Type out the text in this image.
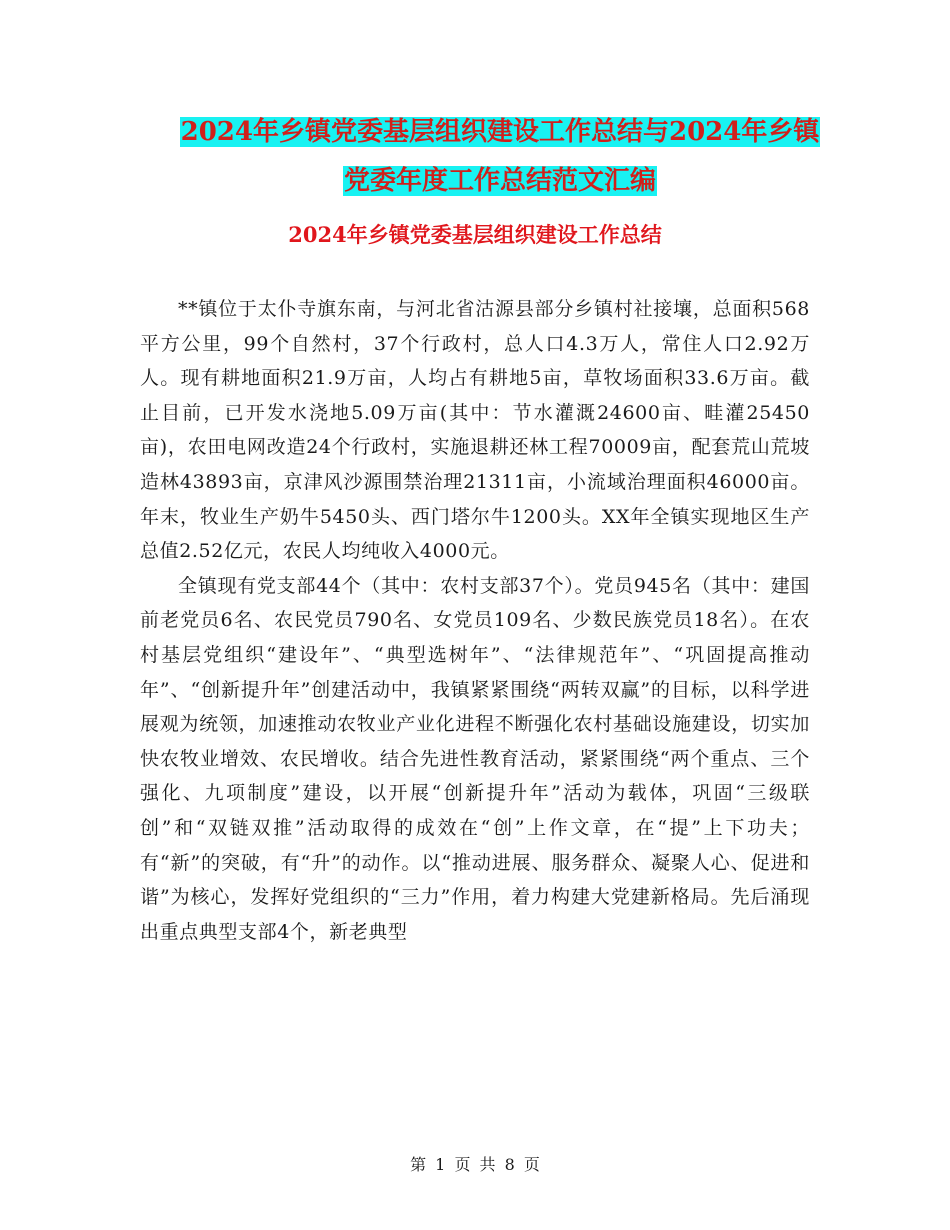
2024年乡镇党委基层组织建设工作总结与2024年乡镇
党委年度工作总结范文汇编
2024年乡镇党委基层组织建设工作总结

**镇位于太仆寺旗东南，与河北省沽源县部分乡镇村社接壤，总面积568平方公里，99个自然村，37个行政村，总人口4.3万人，常住人口2.92万人。现有耕地面积21.9万亩，人均占有耕地5亩，草牧场面积33.6万亩。截止目前，已开发水浇地5.09万亩(其中：节水灌溉24600亩、畦灌25450亩)，农田电网改造24个行政村，实施退耕还林工程70009亩，配套荒山荒坡造林43893亩，京津风沙源围禁治理21311亩，小流域治理面积46000亩。年末，牧业生产奶牛5450头、西门塔尔牛1200头。XX年全镇实现地区生产总值2.52亿元，农民人均纯收入4000元。

全镇现有党支部44个（其中：农村支部37个）。党员945名（其中：建国前老党员6名、农民党员790名、女党员109名、少数民族党员18名）。在农村基层党组织“建设年”、“典型选树年”、“法律规范年”、“巩固提高推动年”、“创新提升年”创建活动中，我镇紧紧围绕“两转双赢”的目标，以科学进展观为统领，加速推动农牧业产业化进程不断强化农村基础设施建设，切实加快农牧业增效、农民增收。结合先进性教育活动，紧紧围绕“两个重点、三个强化、九项制度”建设，以开展“创新提升年”活动为载体，巩固“三级联创”和“双链双推”活动取得的成效在“创”上作文章，在“提”上下功夫；有“新”的突破，有“升”的动作。以“推动进展、服务群众、凝聚人心、促进和谐”为核心，发挥好党组织的“三力”作用，着力构建大党建新格局。先后涌现出重点典型支部4个，新老典型

第 1 页 共 8 页
